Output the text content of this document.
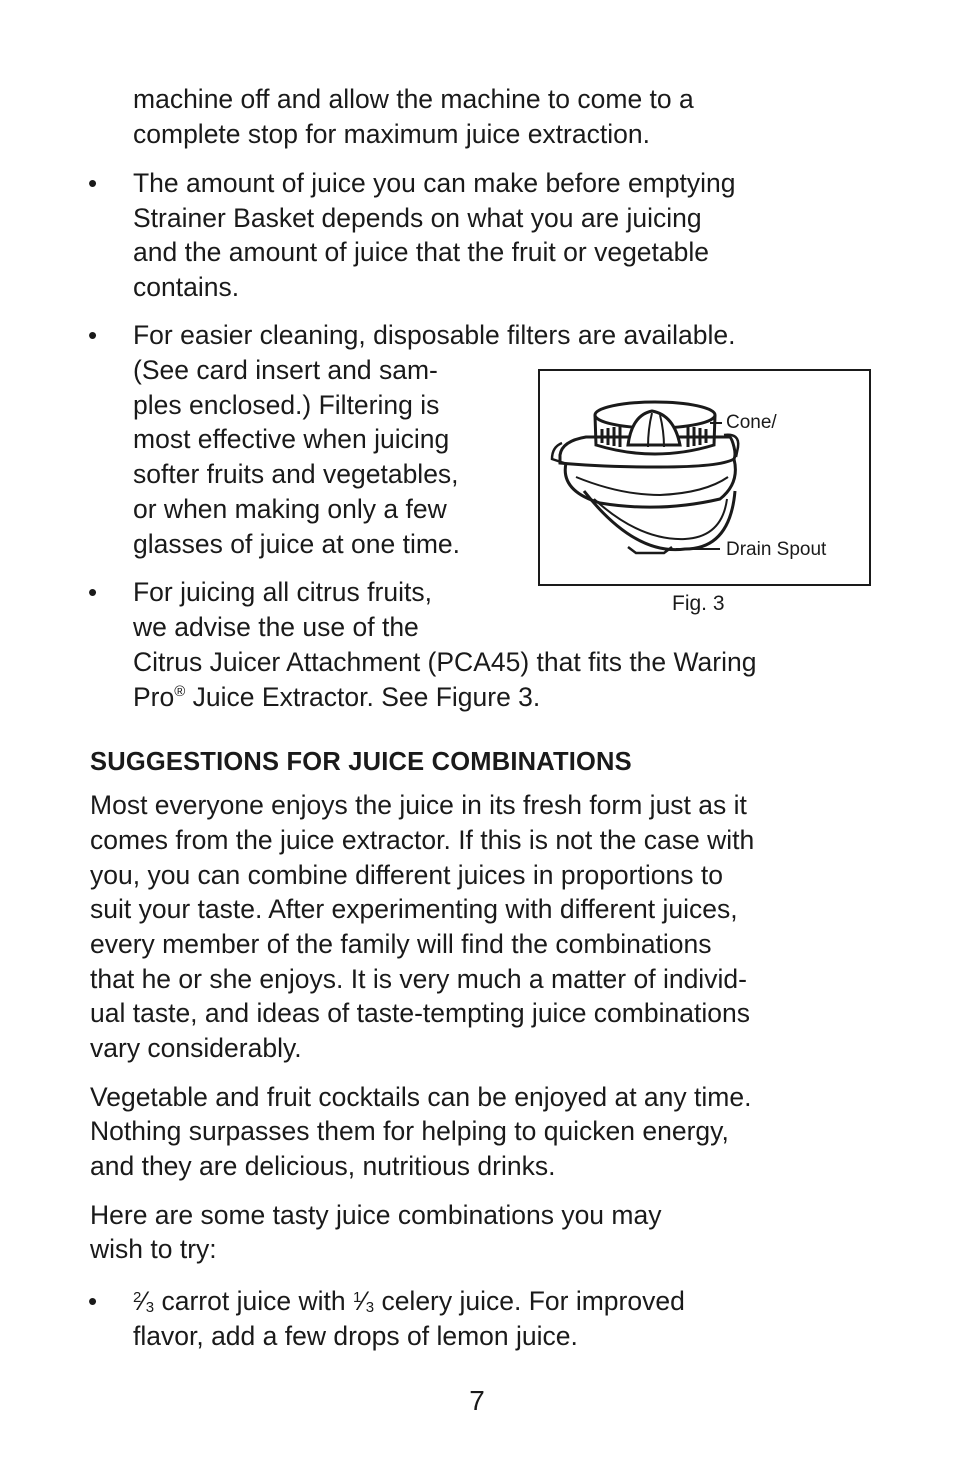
machine off and allow the machine to come to a
complete stop for maximum juice extraction.
• The amount of juice you can make before emptying
Strainer Basket depends on what you are juicing
and the amount of juice that the fruit or vegetable
contains.
• For easier cleaning, disposable filters are available.
(See card insert and sam-
ples enclosed.) Filtering is
most effective when juicing
softer fruits and vegetables,
or when making only a few
glasses of juice at one time.
Cone/
Drain Spout
Fig. 3
• For juicing all citrus fruits,
we advise the use of the
Citrus Juicer Attachment (PCA45) that fits the Waring
Pro® Juice Extractor. See Figure 3.
SUGGESTIONS FOR JUICE COMBINATIONS
Most everyone enjoys the juice in its fresh form just as it
comes from the juice extractor. If this is not the case with
you, you can combine different juices in proportions to
suit your taste. After experimenting with different juices,
every member of the family will find the combinations
that he or she enjoys. It is very much a matter of individ-
ual taste, and ideas of taste-tempting juice combinations
vary considerably.
Vegetable and fruit cocktails can be enjoyed at any time.
Nothing surpasses them for helping to quicken energy,
and they are delicious, nutritious drinks.
Here are some tasty juice combinations you may
wish to try:
• $^2⁄_3$ carrot juice with $^1⁄_3$ celery juice. For improved
flavor, add a few drops of lemon juice.
7
